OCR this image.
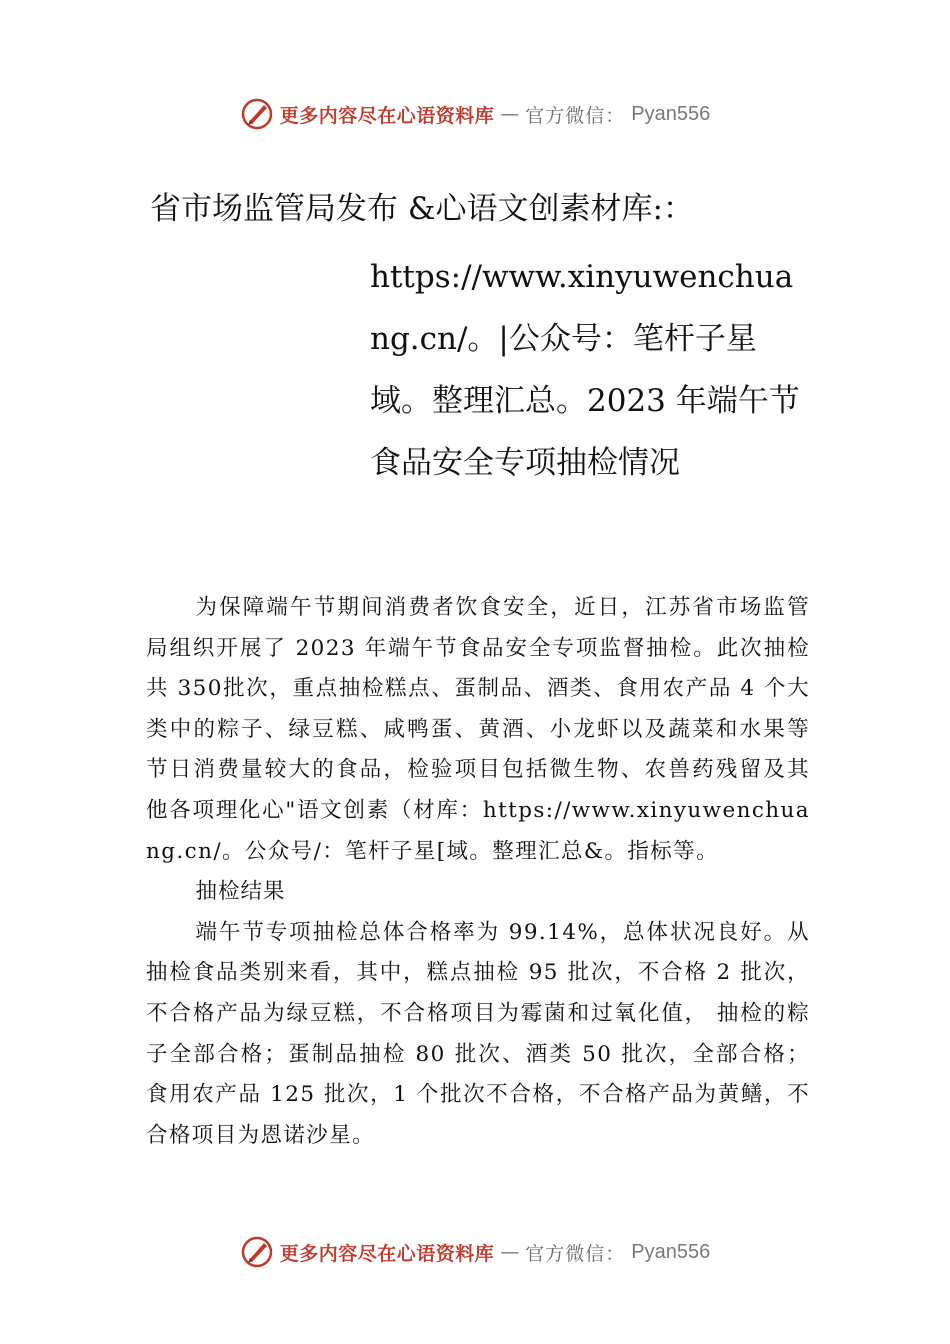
更多内容尽在心语资料库 — 官方微信： Pyan556
省市场监管局发布 &心语文创素材库:：
https://www.xinyuwenchuang.cn/。|公众号：笔杆子星域。整理汇总。2023 年端午节食品安全专项抽检情况

为保障端午节期间消费者饮食安全，近日，江苏省市场监管局组织开展了 2023 年端午节食品安全专项监督抽检。此次抽检共 350批次，重点抽检糕点、蛋制品、酒类、食用农产品 4 个大类中的粽子、绿豆糕、咸鸭蛋、黄酒、小龙虾以及蔬菜和水果等节日消费量较大的食品，检验项目包括微生物、农兽药残留及其他各项理化心"语文创素（材库：https://www.xinyuwenchuang.cn/。公众号/：笔杆子星[域。整理汇总&。指标等。

抽检结果

端午节专项抽检总体合格率为 99.14%，总体状况良好。从抽检食品类别来看，其中，糕点抽检 95 批次，不合格 2 批次，不合格产品为绿豆糕，不合格项目为霉菌和过氧化值， 抽检的粽子全部合格；蛋制品抽检 80 批次、酒类 50 批次，全部合格；食用农产品 125 批次，1 个批次不合格，不合格产品为黄鳝，不合格项目为恩诺沙星。

更多内容尽在心语资料库 — 官方微信： Pyan556
